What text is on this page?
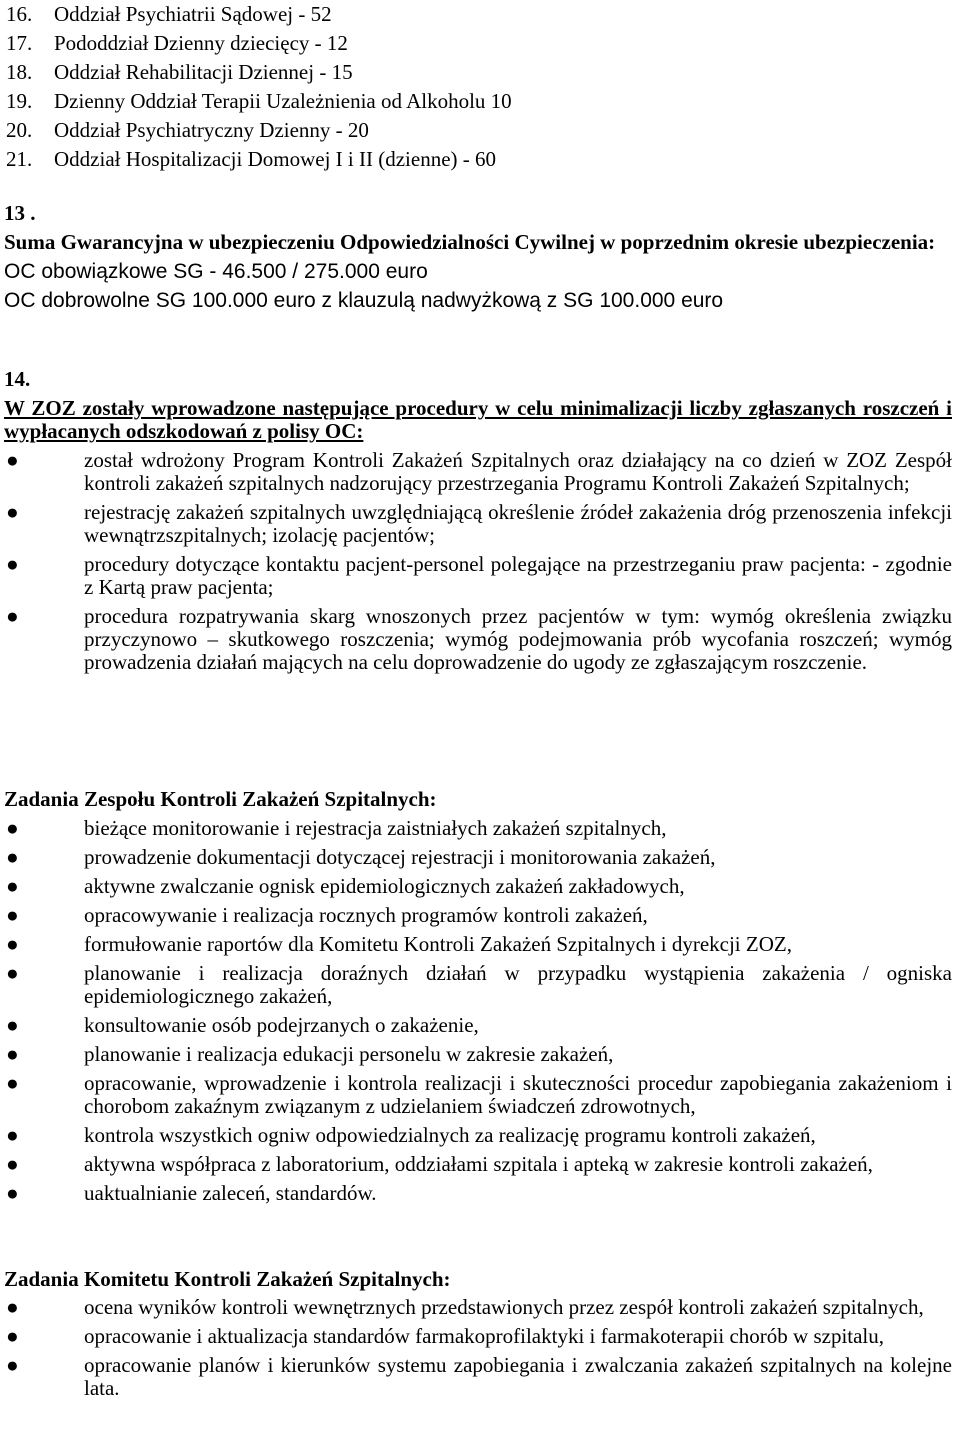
16. Oddział Psychiatrii Sądowej - 52
17. Pododdział Dzienny dziecięcy - 12
18. Oddział Rehabilitacji Dziennej - 15
19. Dzienny Oddział Terapii Uzależnienia od Alkoholu 10
20. Oddział Psychiatryczny Dzienny - 20
21. Oddział Hospitalizacji Domowej I i II (dzienne) - 60
13 .
Suma Gwarancyjna w ubezpieczeniu Odpowiedzialności Cywilnej w poprzednim okresie ubezpieczenia:
OC obowiązkowe SG - 46.500 / 275.000 euro
OC dobrowolne SG 100.000 euro z klauzulą nadwyżkową z SG 100.000 euro
14.
W ZOZ zostały wprowadzone następujące procedury w celu minimalizacji liczby zgłaszanych roszczeń i wypłacanych odszkodowań z polisy OC:
●	został wdrożony Program Kontroli Zakażeń Szpitalnych oraz działający na co dzień w ZOZ Zespół kontroli zakażeń szpitalnych nadzorujący przestrzegania Programu Kontroli Zakażeń Szpitalnych;
●	rejestrację zakażeń szpitalnych uwzględniającą określenie źródeł zakażenia dróg przenoszenia infekcji wewnątrzszpitalnych; izolację pacjentów;
●	procedury dotyczące kontaktu pacjent-personel polegające na przestrzeganiu praw pacjenta: - zgodnie z Kartą praw pacjenta;
●	procedura rozpatrywania skarg wnoszonych przez pacjentów w tym: wymóg określenia związku przyczynowo – skutkowego roszczenia; wymóg podejmowania prób wycofania roszczeń; wymóg prowadzenia działań mających na celu doprowadzenie do ugody ze zgłaszającym roszczenie.
Zadania Zespołu Kontroli Zakażeń Szpitalnych:
●	bieżące monitorowanie i rejestracja zaistniałych zakażeń szpitalnych,
●	prowadzenie dokumentacji dotyczącej rejestracji i monitorowania zakażeń,
●	aktywne zwalczanie ognisk epidemiologicznych zakażeń zakładowych,
●	opracowywanie i realizacja rocznych programów kontroli zakażeń,
●	formułowanie raportów dla Komitetu Kontroli Zakażeń Szpitalnych i dyrekcji ZOZ,
●	planowanie i realizacja doraźnych działań w przypadku wystąpienia zakażenia / ogniska epidemiologicznego zakażeń,
●	konsultowanie osób podejrzanych o zakażenie,
●	planowanie i realizacja edukacji personelu w zakresie zakażeń,
●	opracowanie, wprowadzenie i kontrola realizacji i skuteczności procedur zapobiegania zakażeniom i chorobom zakaźnym związanym z udzielaniem świadczeń zdrowotnych,
●	kontrola wszystkich ogniw odpowiedzialnych za realizację programu kontroli zakażeń,
●	aktywna współpraca z laboratorium, oddziałami szpitala i apteką w zakresie kontroli zakażeń,
●	uaktualnianie zaleceń, standardów.
Zadania Komitetu Kontroli Zakażeń Szpitalnych:
●	ocena wyników kontroli wewnętrznych przedstawionych przez zespół kontroli zakażeń szpitalnych,
●	opracowanie i aktualizacja standardów farmakoprofilaktyki i farmakoterapii chorób w szpitalu,
●	opracowanie planów i kierunków systemu zapobiegania i zwalczania zakażeń szpitalnych na kolejne lata.
